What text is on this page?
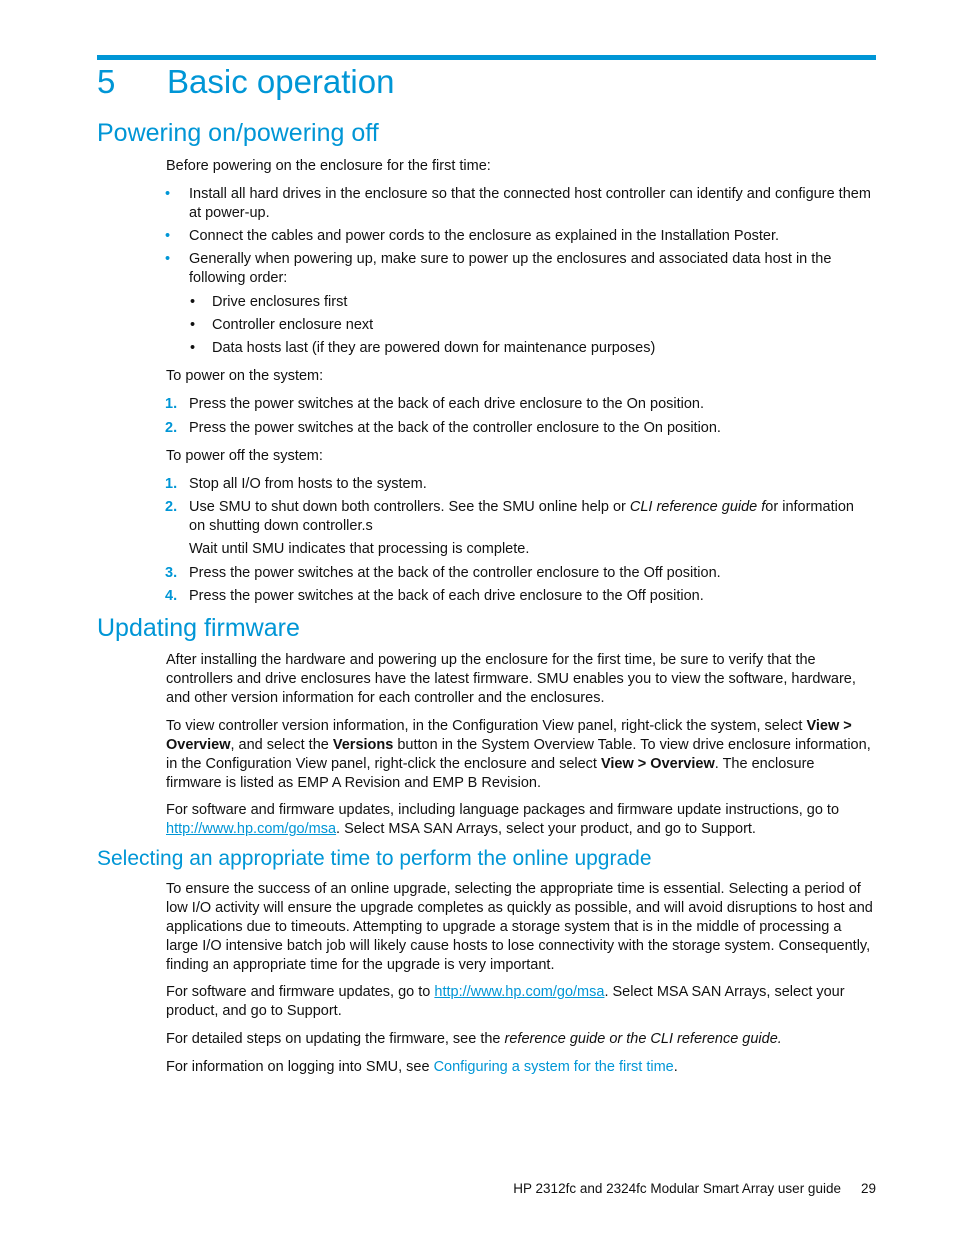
5 Basic operation
Powering on/powering off

Before powering on the enclosure for the first time:

• Install all hard drives in the enclosure so that the connected host controller can identify and configure them at power-up.
• Connect the cables and power cords to the enclosure as explained in the Installation Poster.
• Generally when powering up, make sure to power up the enclosures and associated data host in the following order:
• Drive enclosures first
• Controller enclosure next
• Data hosts last (if they are powered down for maintenance purposes)

To power on the system:

1. Press the power switches at the back of each drive enclosure to the On position.
2. Press the power switches at the back of the controller enclosure to the On position.

To power off the system:

1. Stop all I/O from hosts to the system.
2. Use SMU to shut down both controllers. See the SMU online help or CLI reference guide for information on shutting down controller.s
Wait until SMU indicates that processing is complete.
3. Press the power switches at the back of the controller enclosure to the Off position.
4. Press the power switches at the back of each drive enclosure to the Off position.
Updating firmware

After installing the hardware and powering up the enclosure for the first time, be sure to verify that the controllers and drive enclosures have the latest firmware. SMU enables you to view the software, hardware, and other version information for each controller and the enclosures.

To view controller version information, in the Configuration View panel, right-click the system, select View > Overview, and select the Versions button in the System Overview Table. To view drive enclosure information, in the Configuration View panel, right-click the enclosure and select View > Overview. The enclosure firmware is listed as EMP A Revision and EMP B Revision.

For software and firmware updates, including language packages and firmware update instructions, go to http://www.hp.com/go/msa. Select MSA SAN Arrays, select your product, and go to Support.

Selecting an appropriate time to perform the online upgrade

To ensure the success of an online upgrade, selecting the appropriate time is essential. Selecting a period of low I/O activity will ensure the upgrade completes as quickly as possible, and will avoid disruptions to host and applications due to timeouts. Attempting to upgrade a storage system that is in the middle of processing a large I/O intensive batch job will likely cause hosts to lose connectivity with the storage system. Consequently, finding an appropriate time for the upgrade is very important.

For software and firmware updates, go to http://www.hp.com/go/msa. Select MSA SAN Arrays, select your product, and go to Support.

For detailed steps on updating the firmware, see the reference guide or the CLI reference guide.

For information on logging into SMU, see Configuring a system for the first time.

HP 2312fc and 2324fc Modular Smart Array user guide 29
